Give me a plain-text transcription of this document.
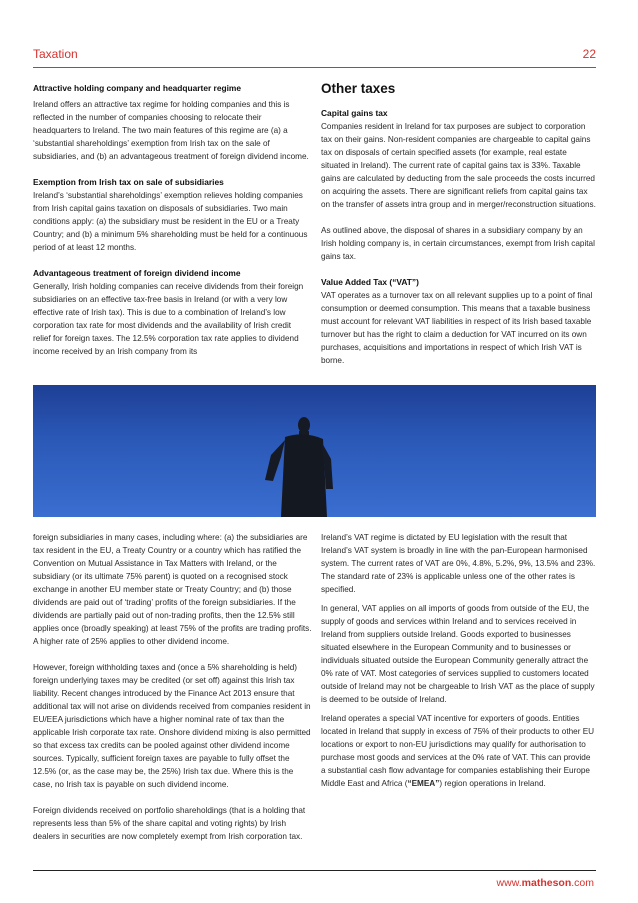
Taxation	22
Attractive holding company and headquarter regime

Ireland offers an attractive tax regime for holding companies and this is reflected in the number of companies choosing to relocate their headquarters to Ireland. The two main features of this regime are (a) a ‘substantial shareholdings’ exemption from Irish tax on the sale of subsidiaries, and (b) an advantageous treatment of foreign dividend income.

Exemption from Irish tax on sale of subsidiaries

Ireland’s ‘substantial shareholdings’ exemption relieves holding companies from Irish capital gains taxation on disposals of subsidiaries. Two main conditions apply: (a) the subsidiary must be resident in the EU or a Treaty Country; and (b) a minimum 5% shareholding must be held for a continuous period of at least 12 months.

Advantageous treatment of foreign dividend income

Generally, Irish holding companies can receive dividends from their foreign subsidiaries on an effective tax-free basis in Ireland (or with a very low effective rate of Irish tax). This is due to a combination of Ireland’s low corporation tax rate for most dividends and the availability of Irish credit relief for foreign taxes. The 12.5% corporation tax rate applies to dividend income received by an Irish company from its

Other taxes
Capital gains tax

Companies resident in Ireland for tax purposes are subject to corporation tax on their gains. Non-resident companies are chargeable to capital gains tax on disposals of certain specified assets (for example, real estate situated in Ireland). The current rate of capital gains tax is 33%. Taxable gains are calculated by deducting from the sale proceeds the costs incurred on acquiring the assets. There are significant reliefs from capital gains tax on the transfer of assets intra group and in merger/reconstruction situations.

As outlined above, the disposal of shares in a subsidiary company by an Irish holding company is, in certain circumstances, exempt from Irish capital gains tax.

Value Added Tax (“VAT”)

VAT operates as a turnover tax on all relevant supplies up to a point of final consumption or deemed consumption. This means that a taxable business must account for relevant VAT liabilities in respect of its Irish based taxable turnover but has the right to claim a deduction for VAT incurred on its own purchases, acquisitions and importations in respect of which Irish VAT is borne.

foreign subsidiaries in many cases, including where: (a) the subsidiaries are tax resident in the EU, a Treaty Country or a country which has ratified the Convention on Mutual Assistance in Tax Matters with Ireland, or the subsidiary (or its ultimate 75% parent) is quoted on a recognised stock exchange in another EU member state or Treaty Country; and (b) those dividends are paid out of ‘trading’ profits of the foreign subsidiaries. If the dividends are partially paid out of non-trading profits, then the 12.5% still applies once (broadly speaking) at least 75% of the profits are trading profits. A higher rate of 25% applies to other dividend income.

However, foreign withholding taxes and (once a 5% shareholding is held) foreign underlying taxes may be credited (or set off) against this Irish tax liability. Recent changes introduced by the Finance Act 2013 ensure that additional tax will not arise on dividends received from companies resident in EU/EEA jurisdictions which have a higher nominal rate of tax than the applicable Irish corporate tax rate. Onshore dividend mixing is also permitted so that excess tax credits can be pooled against other dividend income sources. Typically, sufficient foreign taxes are payable to fully offset the 12.5% (or, as the case may be, the 25%) Irish tax due. Where this is the case, no Irish tax is payable on such dividend income.

Foreign dividends received on portfolio shareholdings (that is a holding that represents less than 5% of the share capital and voting rights) by Irish dealers in securities are now completely exempt from Irish corporation tax.

Ireland’s VAT regime is dictated by EU legislation with the result that Ireland’s VAT system is broadly in line with the pan-European harmonised system. The current rates of VAT are 0%, 4.8%, 5.2%, 9%, 13.5% and 23%. The standard rate of 23% is applicable unless one of the other rates is specified.

In general, VAT applies on all imports of goods from outside of the EU, the supply of goods and services within Ireland and to services received in Ireland from suppliers outside Ireland. Goods exported to businesses situated elsewhere in the European Community and to businesses or individuals situated outside the European Community generally attract the 0% rate of VAT. Most categories of services supplied to customers located outside of Ireland may not be chargeable to Irish VAT as the place of supply is deemed to be outside of Ireland.

Ireland operates a special VAT incentive for exporters of goods. Entities located in Ireland that supply in excess of 75% of their products to other EU locations or export to non-EU jurisdictions may qualify for authorisation to purchase most goods and services at the 0% rate of VAT. This can provide a substantial cash flow advantage for companies establishing their Europe Middle East and Africa (“EMEA”) region operations in Ireland.

www.matheson.com
